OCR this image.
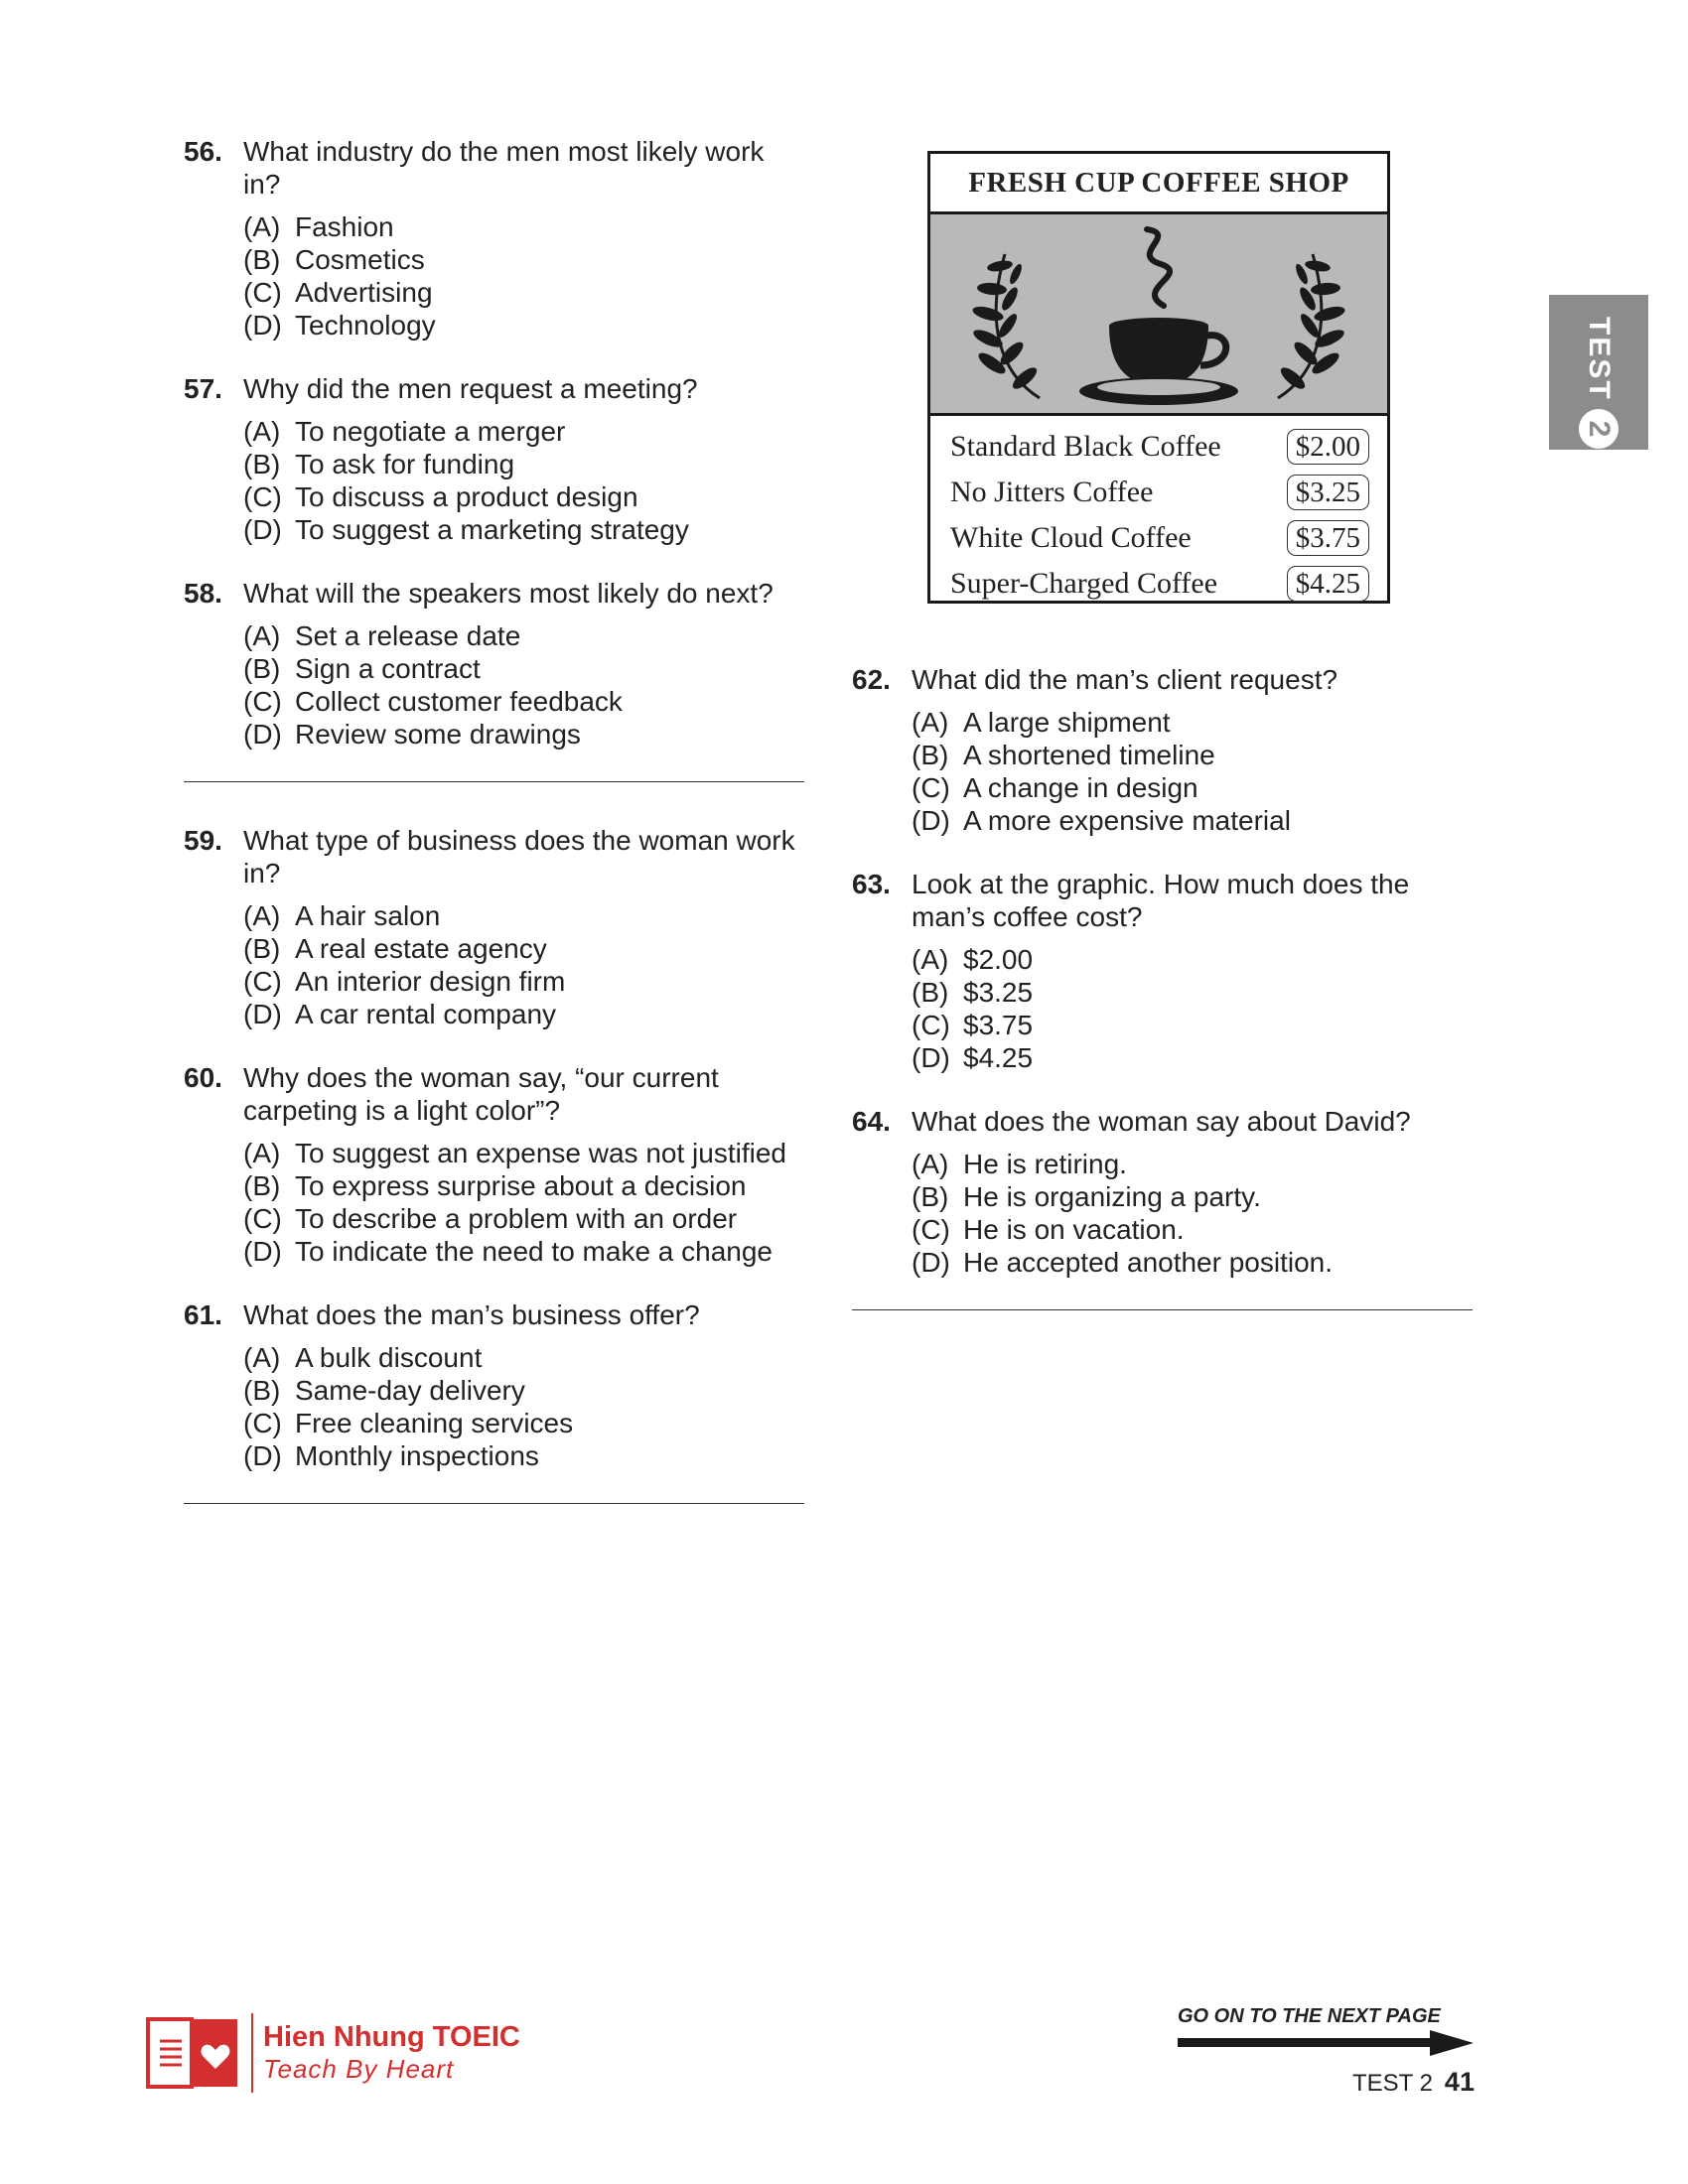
56. What industry do the men most likely work in?
(A) Fashion
(B) Cosmetics
(C) Advertising
(D) Technology
57. Why did the men request a meeting?
(A) To negotiate a merger
(B) To ask for funding
(C) To discuss a product design
(D) To suggest a marketing strategy
58. What will the speakers most likely do next?
(A) Set a release date
(B) Sign a contract
(C) Collect customer feedback
(D) Review some drawings
59. What type of business does the woman work in?
(A) A hair salon
(B) A real estate agency
(C) An interior design firm
(D) A car rental company
60. Why does the woman say, “our current carpeting is a light color”?
(A) To suggest an expense was not justified
(B) To express surprise about a decision
(C) To describe a problem with an order
(D) To indicate the need to make a change
61. What does the man’s business offer?
(A) A bulk discount
(B) Same-day delivery
(C) Free cleaning services
(D) Monthly inspections
FRESH CUP COFFEE SHOP
Standard Black Coffee	$2.00
No Jitters Coffee	$3.25
White Cloud Coffee	$3.75
Super-Charged Coffee	$4.25
62. What did the man’s client request?
(A) A large shipment
(B) A shortened timeline
(C) A change in design
(D) A more expensive material
63. Look at the graphic. How much does the man’s coffee cost?
(A) $2.00
(B) $3.25
(C) $3.75
(D) $4.25
64. What does the woman say about David?
(A) He is retiring.
(B) He is organizing a party.
(C) He is on vacation.
(D) He accepted another position.
TEST
2
Hien Nhung TOEIC
Teach By Heart
GO ON TO THE NEXT PAGE
TEST 2 41
